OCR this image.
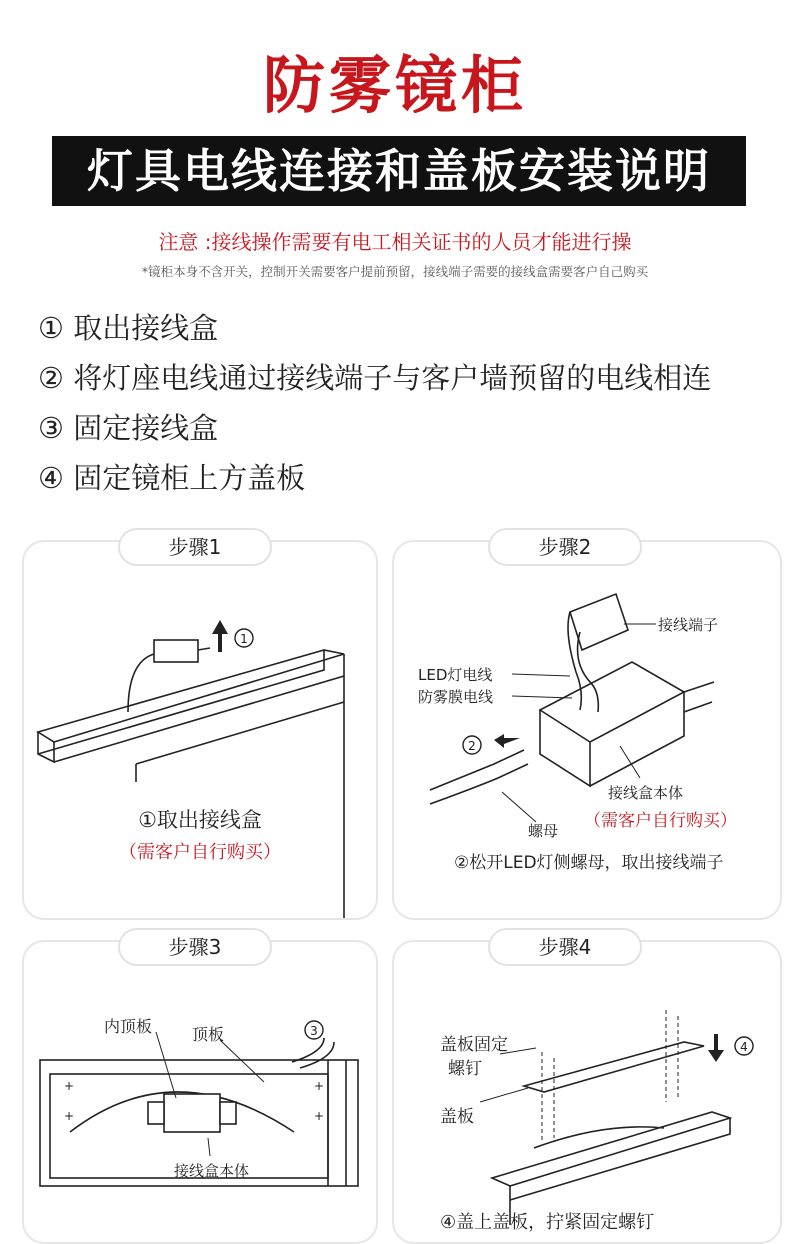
防雾镜柜
灯具电线连接和盖板安装说明
注意 :接线操作需要有电工相关证书的人员才能进行操
*镜柜本身不含开关，控制开关需要客户提前预留，接线端子需要的接线盒需要客户自己购买
① 取出接线盒
② 将灯座电线通过接线端子与客户墙预留的电线相连
③ 固定接线盒
④ 固定镜柜上方盖板
1
①取出接线盒
（需客户自行购买）
步骤1
2
接线端子
LED灯电线
防雾膜电线
接线盒本体
（需客户自行购买）
螺母
②松开LED灯侧螺母，取出接线端子
步骤2
+
+
+
+
3
内顶板 顶板
接线盒本体
步骤3
4
盖板固定
螺钉
盖板
④盖上盖板，拧紧固定螺钉
步骤4
